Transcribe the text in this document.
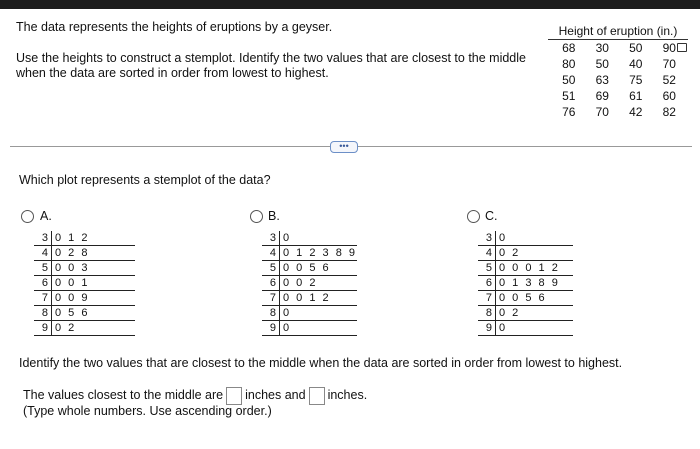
The data represents the heights of eruptions by a geyser.
Use the heights to construct a stemplot. Identify the two values that are closest to the middle
when the data are sorted in order from lowest to highest.
Height of eruption (in.)
68	30	50	90
80	50	40	70
50	63	75	52
51	69	61	60
76	70	42	82
•••
Which plot represents a stemplot of the data?
A.
3	0 1 2
4	0 2 8
5	0 0 3
6	0 0 1
7	0 0 9
8	0 5 6
9	0 2
B.
3	0
4	0 1 2 3 8 9
5	0 0 5 6
6	0 0 2
7	0 0 1 2
8	0
9	0
C.
3	0
4	0 2
5	0 0 0 1 2
6	0 1 3 8 9
7	0 0 5 6
8	0 2
9	0
Identify the two values that are closest to the middle when the data are sorted in order from lowest to highest.
The values closest to the middle are inches and inches.
(Type whole numbers. Use ascending order.)
